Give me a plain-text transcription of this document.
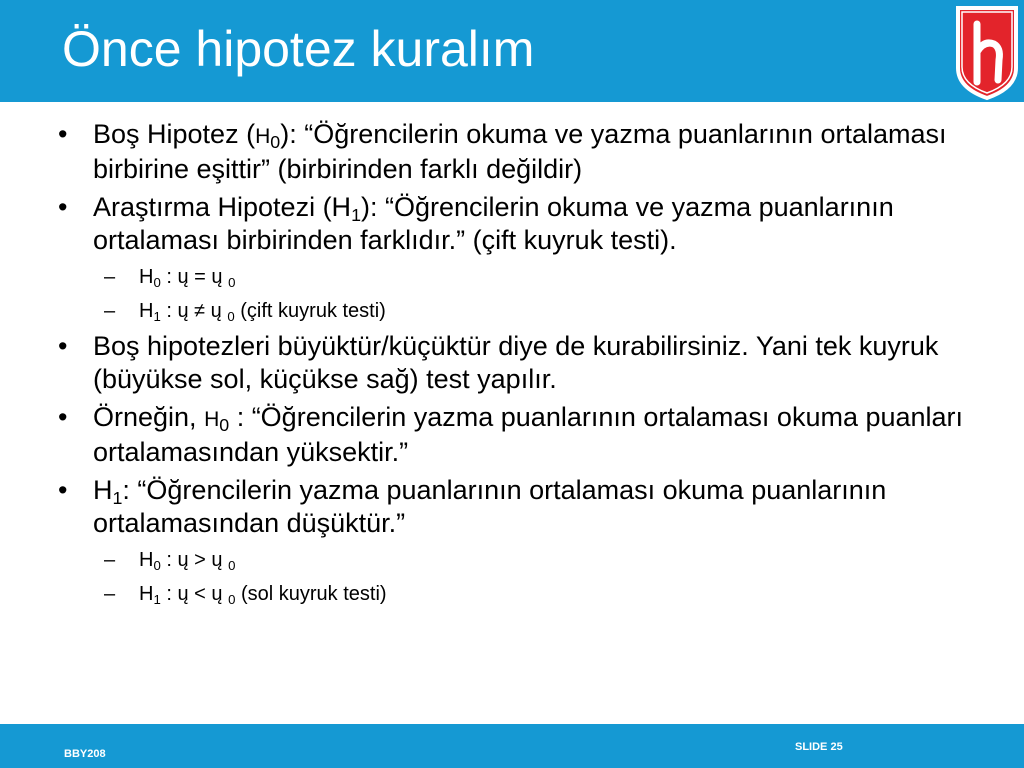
Önce hipotez kuralım
• Boş Hipotez $(H_0)$: “Öğrencilerin okuma ve yazma puanlarının ortalaması birbirine eşittir” (birbirinden farklı değildir)
• Araştırma Hipotezi $(H_1)$: “Öğrencilerin okuma ve yazma puanlarının ortalaması birbirinden farklıdır.” (çift kuyruk testi).
– $H_0$ : ų = ų $_0$
– $H_1$ : ų ≠ ų $_0$ (çift kuyruk testi)
• Boş hipotezleri büyüktür/küçüktür diye de kurabilirsiniz. Yani tek kuyruk (büyükse sol, küçükse sağ) test yapılır.
• Örneğin, $H_0$ : “Öğrencilerin yazma puanlarının ortalaması okuma puanları ortalamasından yüksektir.”
• $H_1$: “Öğrencilerin yazma puanlarının ortalaması okuma puanlarının ortalamasından düşüktür.”
– $H_0$ : ų > ų $_0$
– $H_1$ : ų < ų $_0$ (sol kuyruk testi)
BBY208
SLIDE 25
